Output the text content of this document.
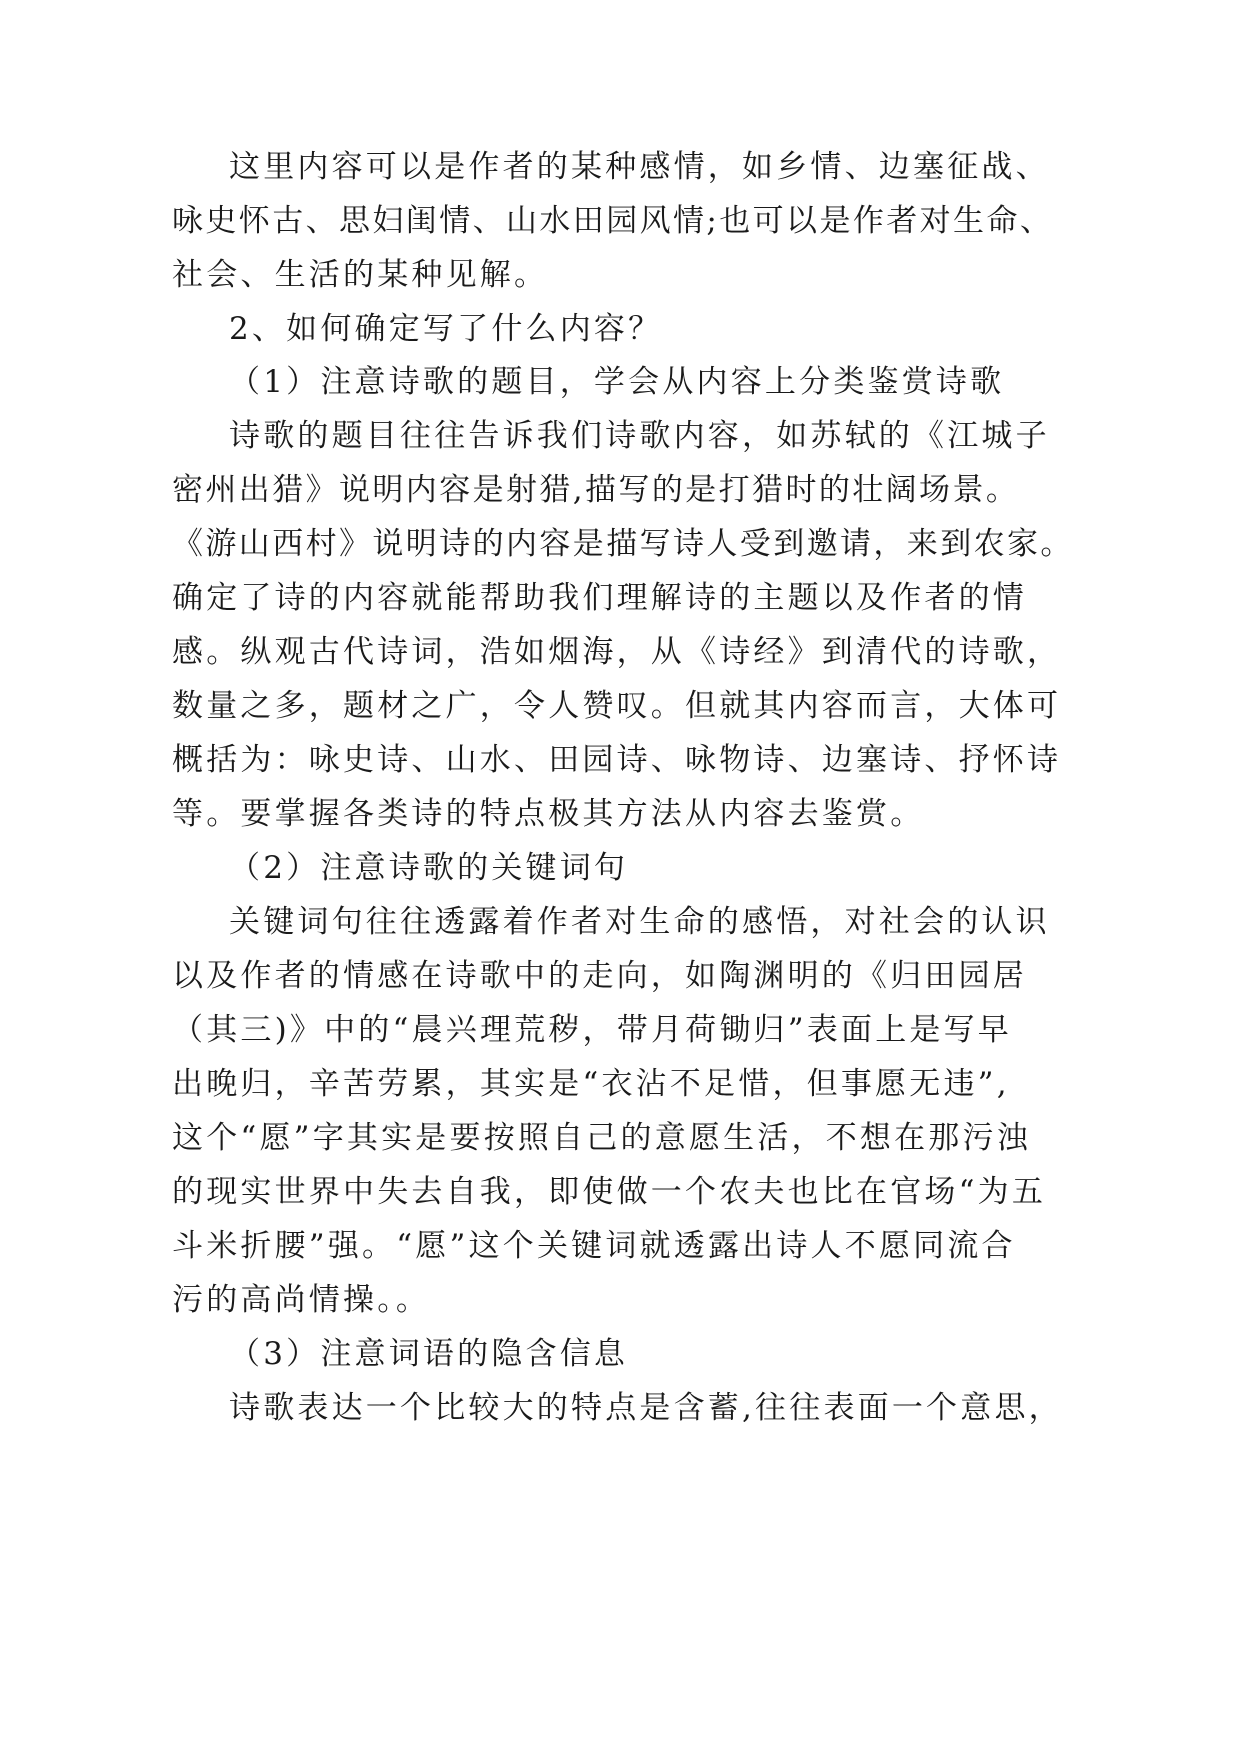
这里内容可以是作者的某种感情，如乡情、边塞征战、
咏史怀古、思妇闺情、山水田园风情;也可以是作者对生命、
社会、生活的某种见解。
2、如何确定写了什么内容？
（1）注意诗歌的题目，学会从内容上分类鉴赏诗歌
诗歌的题目往往告诉我们诗歌内容，如苏轼的《江城子
密州出猎》说明内容是射猎,描写的是打猎时的壮阔场景。
《游山西村》说明诗的内容是描写诗人受到邀请，来到农家。
确定了诗的内容就能帮助我们理解诗的主题以及作者的情
感。纵观古代诗词，浩如烟海，从《诗经》到清代的诗歌，
数量之多，题材之广，令人赞叹。但就其内容而言，大体可
概括为：咏史诗、山水、田园诗、咏物诗、边塞诗、抒怀诗
等。要掌握各类诗的特点极其方法从内容去鉴赏。
（2）注意诗歌的关键词句
关键词句往往透露着作者对生命的感悟，对社会的认识
以及作者的情感在诗歌中的走向，如陶渊明的《归田园居
（其三)》中的“晨兴理荒秽，带月荷锄归”表面上是写早
出晚归，辛苦劳累，其实是“衣沾不足惜，但事愿无违”,
这个“愿”字其实是要按照自己的意愿生活，不想在那污浊
的现实世界中失去自我，即使做一个农夫也比在官场“为五
斗米折腰”强。“愿”这个关键词就透露出诗人不愿同流合
污的高尚情操。。
（3）注意词语的隐含信息
诗歌表达一个比较大的特点是含蓄,往往表面一个意思，
